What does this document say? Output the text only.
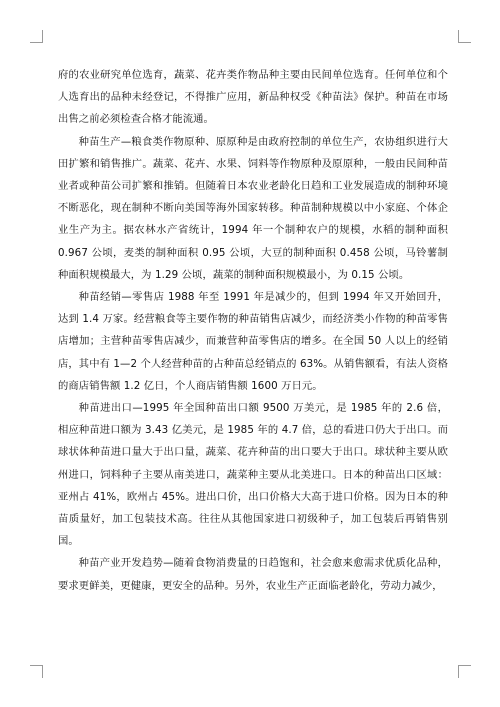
府的农业研究单位选育，蔬菜、花卉类作物品种主要由民间单位选育。任何单位和个人选育出的品种未经登记，不得推广应用，新品种权受《种苗法》保护。种苗在市场出售之前必须检查合格才能流通。

种苗生产—粮食类作物原种、原原种是由政府控制的单位生产，农协组织进行大田扩繁和销售推广。蔬菜、花卉、水果、饲料等作物原种及原原种，一般由民间种苗业者或种苗公司扩繁和推销。但随着日本农业老龄化日趋和工业发展造成的制种环境不断恶化，现在制种不断向美国等海外国家转移。种苗制种规模以中小家庭、个体企业生产为主。据农林水产省统计，1994 年一个制种农户的规模，水稻的制种面积 0.967 公顷，麦类的制种面积 0.95 公顷，大豆的制种面积 0.458 公顷，马铃薯制种面积规模最大，为 1.29 公顷，蔬菜的制种面积规模最小，为 0.15 公顷。

种苗经销—零售店 1988 年至 1991 年是减少的，但到 1994 年又开始回升，达到 1.4 万家。经营粮食等主要作物的种苗销售店减少，而经济类小作物的种苗零售店增加；主营种苗零售店减少，而兼营种苗零售店的增多。在全国 50 人以上的经销店，其中有 1—2 个人经营种苗的占种苗总经销点的 63%。从销售额看，有法人资格的商店销售额 1.2 亿日，个人商店销售额 1600 万日元。

种苗进出口—1995 年全国种苗出口额 9500 万美元，是 1985 年的 2.6 倍，相应种苗进口额为 3.43 亿美元，是 1985 年的 4.7 倍，总的看进口仍大于出口。而球状体种苗进口量大于出口量，蔬菜、花卉种苗的出口要大于出口。球状种主要从欧州进口，饲料种子主要从南美进口，蔬菜种主要从北美进口。日本的种苗出口区域：亚州占 41%，欧州占 45%。进出口价，出口价格大大高于进口价格。因为日本的种苗质量好，加工包装技术高。往往从其他国家进口初级种子，加工包装后再销售别国。

种苗产业开发趋势—随着食物消费量的日趋饱和，社会愈来愈需求优质化品种，要求更鲜美，更健康，更安全的品种。另外，农业生产正面临老龄化，劳动力减少，
